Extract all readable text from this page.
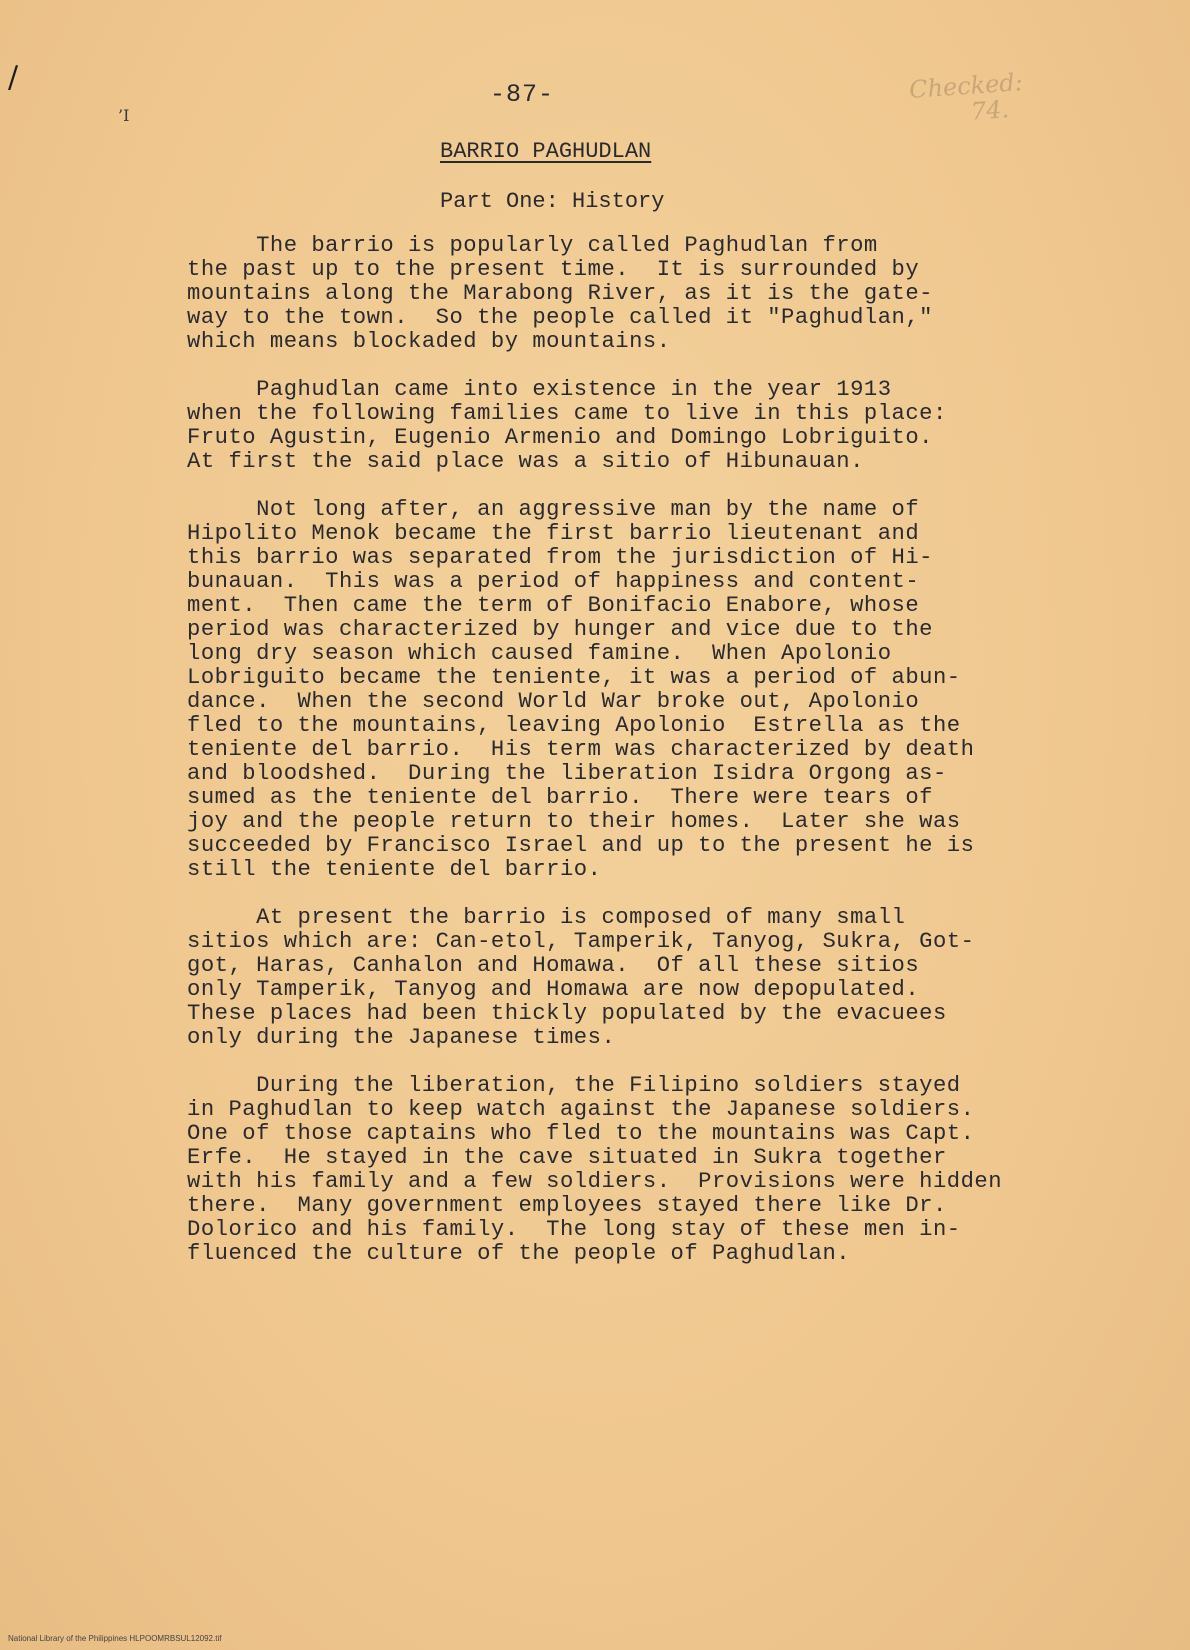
/
’I
-87-	Checked:
74.
BARRIO PAGHUDLAN
Part One: History
The barrio is popularly called Paghudlan from
the past up to the present time.  It is surrounded by
mountains along the Marabong River, as it is the gate-
way to the town.  So the people called it "Paghudlan,"
which means blockaded by mountains.
Paghudlan came into existence in the year 1913
when the following families came to live in this place:
Fruto Agustin, Eugenio Armenio and Domingo Lobriguito.
At first the said place was a sitio of Hibunauan.
Not long after, an aggressive man by the name of
Hipolito Menok became the first barrio lieutenant and
this barrio was separated from the jurisdiction of Hi-
bunauan.  This was a period of happiness and content-
ment.  Then came the term of Bonifacio Enabore, whose
period was characterized by hunger and vice due to the
long dry season which caused famine.  When Apolonio
Lobriguito became the teniente, it was a period of abun-
dance.  When the second World War broke out, Apolonio
fled to the mountains, leaving Apolonio  Estrella as the
teniente del barrio.  His term was characterized by death
and bloodshed.  During the liberation Isidra Orgong as-
sumed as the teniente del barrio.  There were tears of
joy and the people return to their homes.  Later she was
succeeded by Francisco Israel and up to the present he is
still the teniente del barrio.
At present the barrio is composed of many small
sitios which are: Can-etol, Tamperik, Tanyog, Sukra, Got-
got, Haras, Canhalon and Homawa.  Of all these sitios
only Tamperik, Tanyog and Homawa are now depopulated.
These places had been thickly populated by the evacuees
only during the Japanese times.
During the liberation, the Filipino soldiers stayed
in Paghudlan to keep watch against the Japanese soldiers.
One of those captains who fled to the mountains was Capt.
Erfe.  He stayed in the cave situated in Sukra together
with his family and a few soldiers.  Provisions were hidden
there.  Many government employees stayed there like Dr.
Dolorico and his family.  The long stay of these men in-
fluenced the culture of the people of Paghudlan.
National Library of the Philippines HLPOOMRBSUL12092.tif
